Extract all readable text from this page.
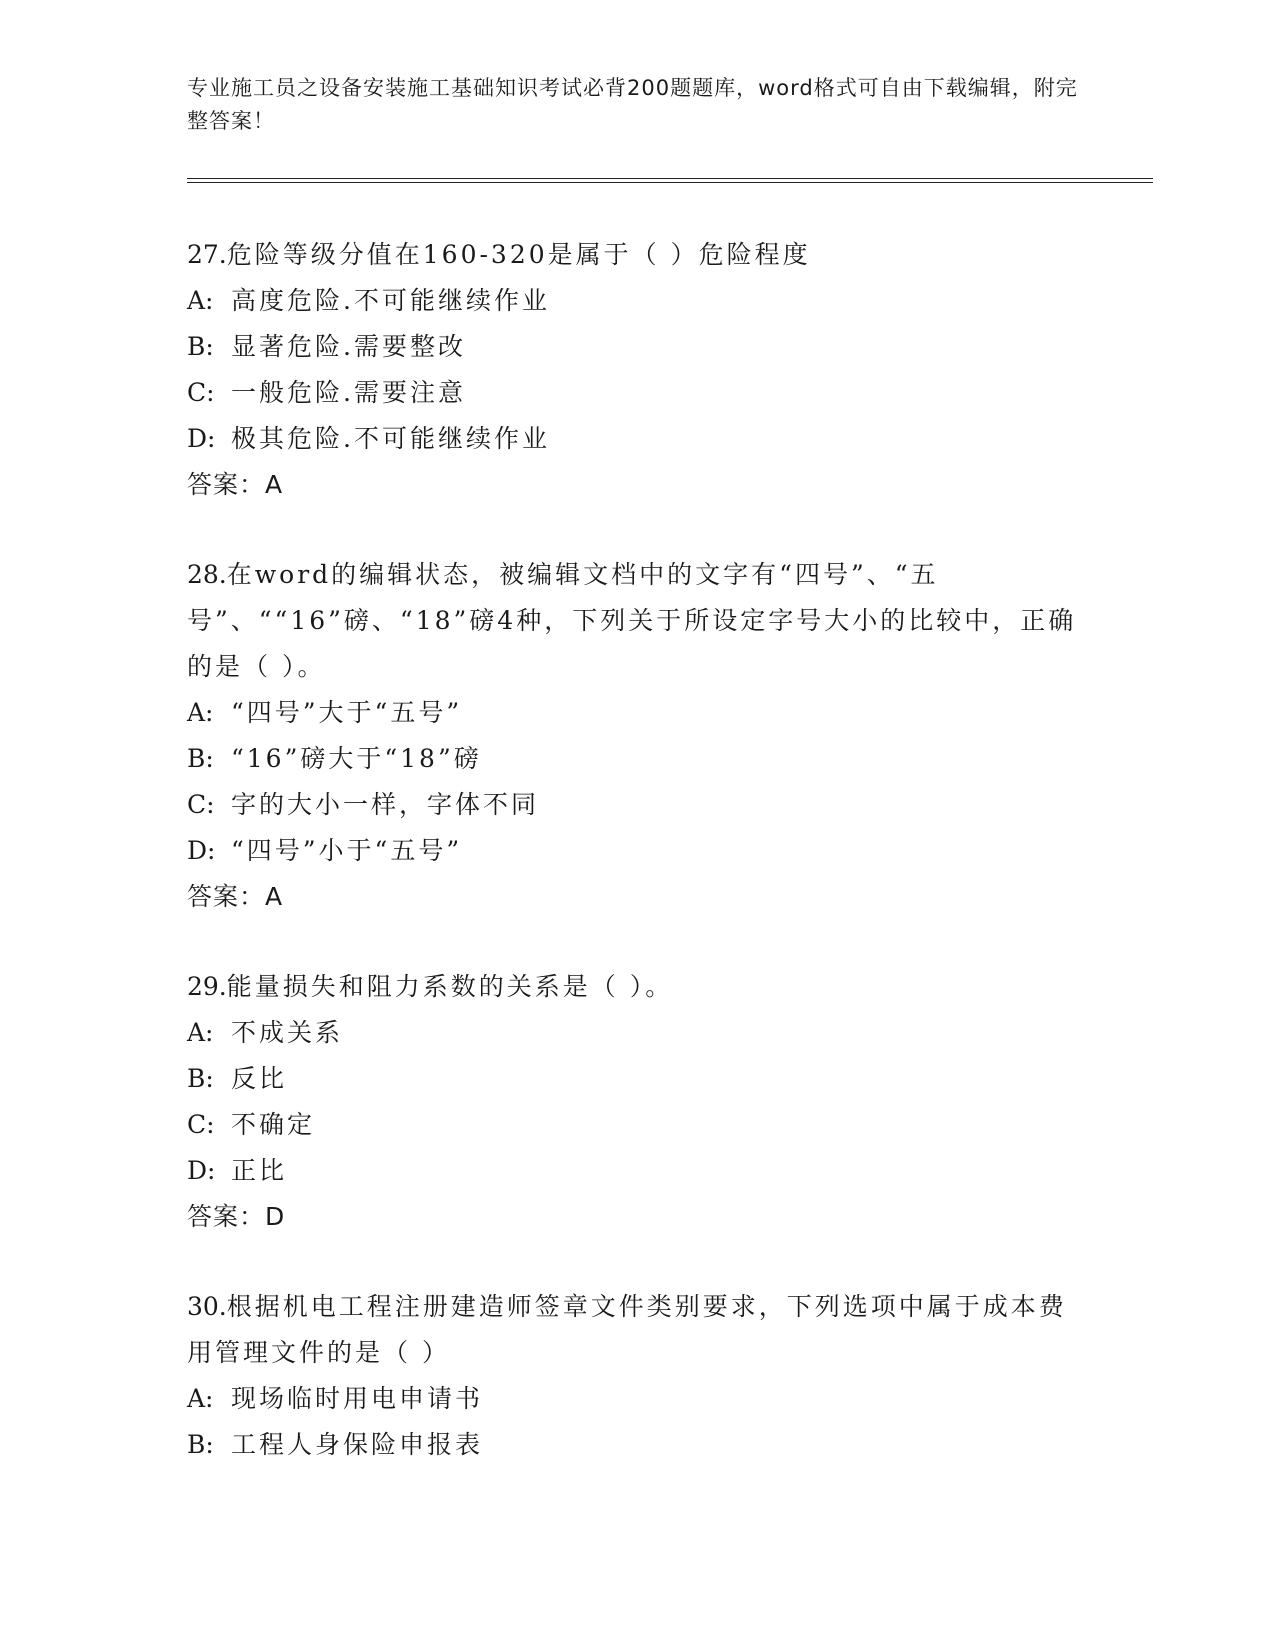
专业施工员之设备安装施工基础知识考试必背200题题库，word格式可自由下载编辑，附完整答案！
27.危险等级分值在160-320是属于（ ）危险程度
A: 高度危险.不可能继续作业
B: 显著危险.需要整改
C: 一般危险.需要注意
D: 极其危险.不可能继续作业
答案：A
28.在word的编辑状态，被编辑文档中的文字有“四号”、“五号”、““16”磅、“18”磅4种，下列关于所设定字号大小的比较中，正确的是（ ）。
A: “四号”大于“五号”
B: “16”磅大于“18”磅
C: 字的大小一样，字体不同
D: “四号”小于“五号”
答案：A
29.能量损失和阻力系数的关系是（ ）。
A: 不成关系
B: 反比
C: 不确定
D: 正比
答案：D
30.根据机电工程注册建造师签章文件类别要求，下列选项中属于成本费用管理文件的是（ ）
A: 现场临时用电申请书
B: 工程人身保险申报表
